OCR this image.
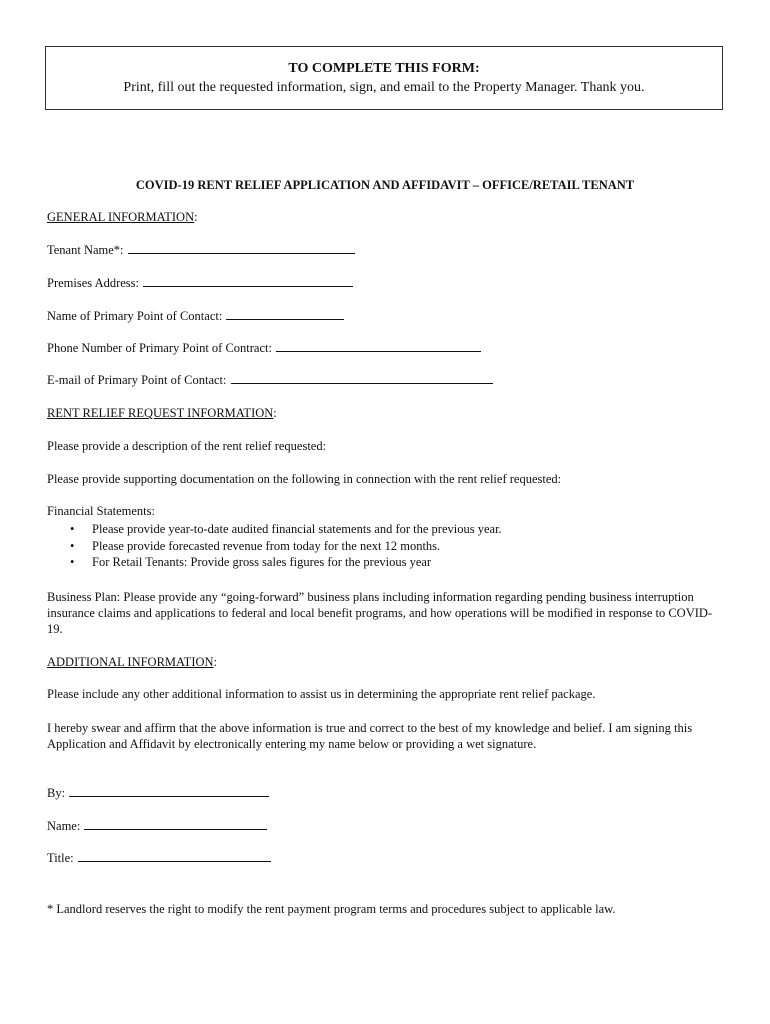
TO COMPLETE THIS FORM:
Print, fill out the requested information, sign, and email to the Property Manager. Thank you.
COVID-19 RENT RELIEF APPLICATION AND AFFIDAVIT – OFFICE/RETAIL TENANT
GENERAL INFORMATION:
Tenant Name*:
Premises Address:
Name of Primary Point of Contact:
Phone Number of Primary Point of Contract:
E-mail of Primary Point of Contact:
RENT RELIEF REQUEST INFORMATION:
Please provide a description of the rent relief requested:
Please provide supporting documentation on the following in connection with the rent relief requested:
Financial Statements:
• Please provide year-to-date audited financial statements and for the previous year.
• Please provide forecasted revenue from today for the next 12 months.
• For Retail Tenants: Provide gross sales figures for the previous year
Business Plan: Please provide any “going-forward” business plans including information regarding pending business interruption insurance claims and applications to federal and local benefit programs, and how operations will be modified in response to COVID-19.
ADDITIONAL INFORMATION:
Please include any other additional information to assist us in determining the appropriate rent relief package.
I hereby swear and affirm that the above information is true and correct to the best of my knowledge and belief. I am signing this Application and Affidavit by electronically entering my name below or providing a wet signature.
By:
Name:
Title:
* Landlord reserves the right to modify the rent payment program terms and procedures subject to applicable law.
